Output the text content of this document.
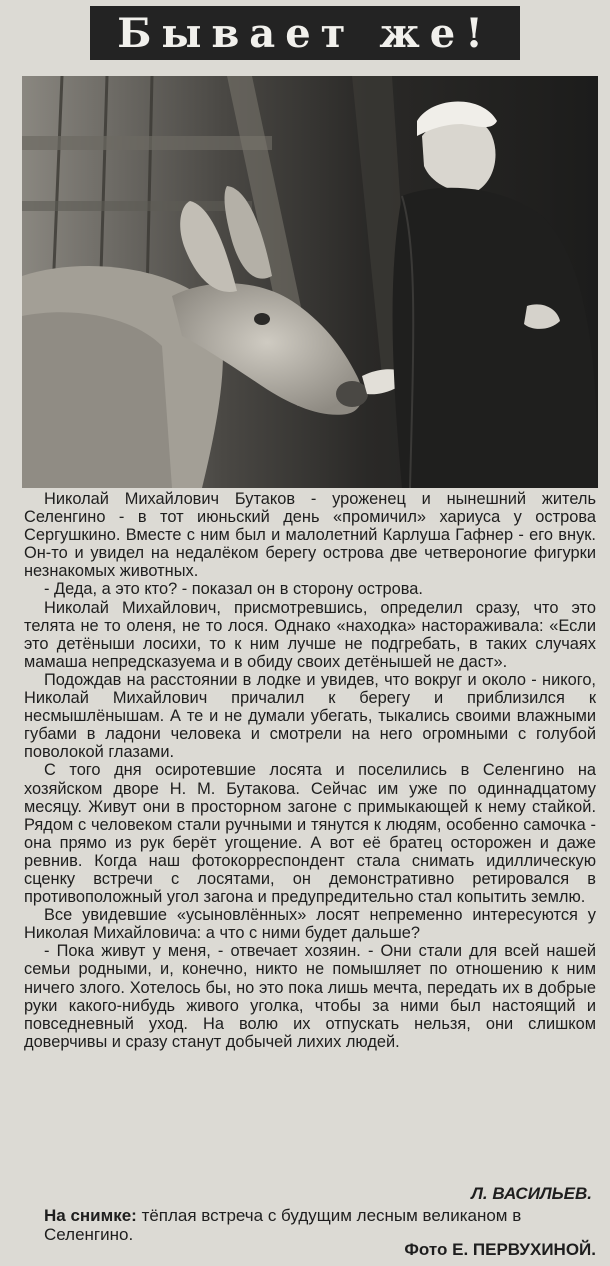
Бывает же!

Николай Михайлович Бутаков - уроженец и нынешний житель Селенгино - в тот июньский день «промичил» хариуса у острова Сергушкино. Вместе с ним был и малолетний Карлуша Гафнер - его внук. Он-то и увидел на недалёком берегу острова две четвероногие фигурки незнакомых животных.

- Деда, а это кто? - показал он в сторону острова.

Николай Михайлович, присмотревшись, определил сразу, что это телята не то оленя, не то лося. Однако «находка» настораживала: «Если это детёныши лосихи, то к ним лучше не подгребать, в таких случаях мамаша непредсказуема и в обиду своих детёнышей не даст».

Подождав на расстоянии в лодке и увидев, что вокруг и около - никого, Николай Михайлович причалил к берегу и приблизился к несмышлёнышам. А те и не думали убегать, тыкались своими влажными губами в ладони человека и смотрели на него огромными с голубой поволокой глазами.

С того дня осиротевшие лосята и поселились в Селенгино на хозяйском дворе Н. М. Бутакова. Сейчас им уже по одиннадцатому месяцу. Живут они в просторном загоне с примыкающей к нему стайкой. Рядом с человеком стали ручными и тянутся к людям, особенно самочка - она прямо из рук берёт угощение. А вот её братец осторожен и даже ревнив. Когда наш фотокорреспондент стала снимать идиллическую сценку встречи с лосятами, он демонстративно ретировался в противоположный угол загона и предупредительно стал копытить землю.

Все увидевшие «усыновлённых» лосят непременно интересуются у Николая Михайловича: а что с ними будет дальше?

- Пока живут у меня, - отвечает хозяин. - Они стали для всей нашей семьи родными, и, конечно, никто не помышляет по отношению к ним ничего злого. Хотелось бы, но это пока лишь мечта, передать их в добрые руки какого-нибудь живого уголка, чтобы за ними был настоящий и повседневный уход. На волю их отпускать нельзя, они слишком доверчивы и сразу станут добычей лихих людей.

Л. ВАСИЛЬЕВ.
На снимке: тёплая встреча с будущим лесным великаном в Селенгино.
Фото Е. ПЕРВУХИНОЙ.
